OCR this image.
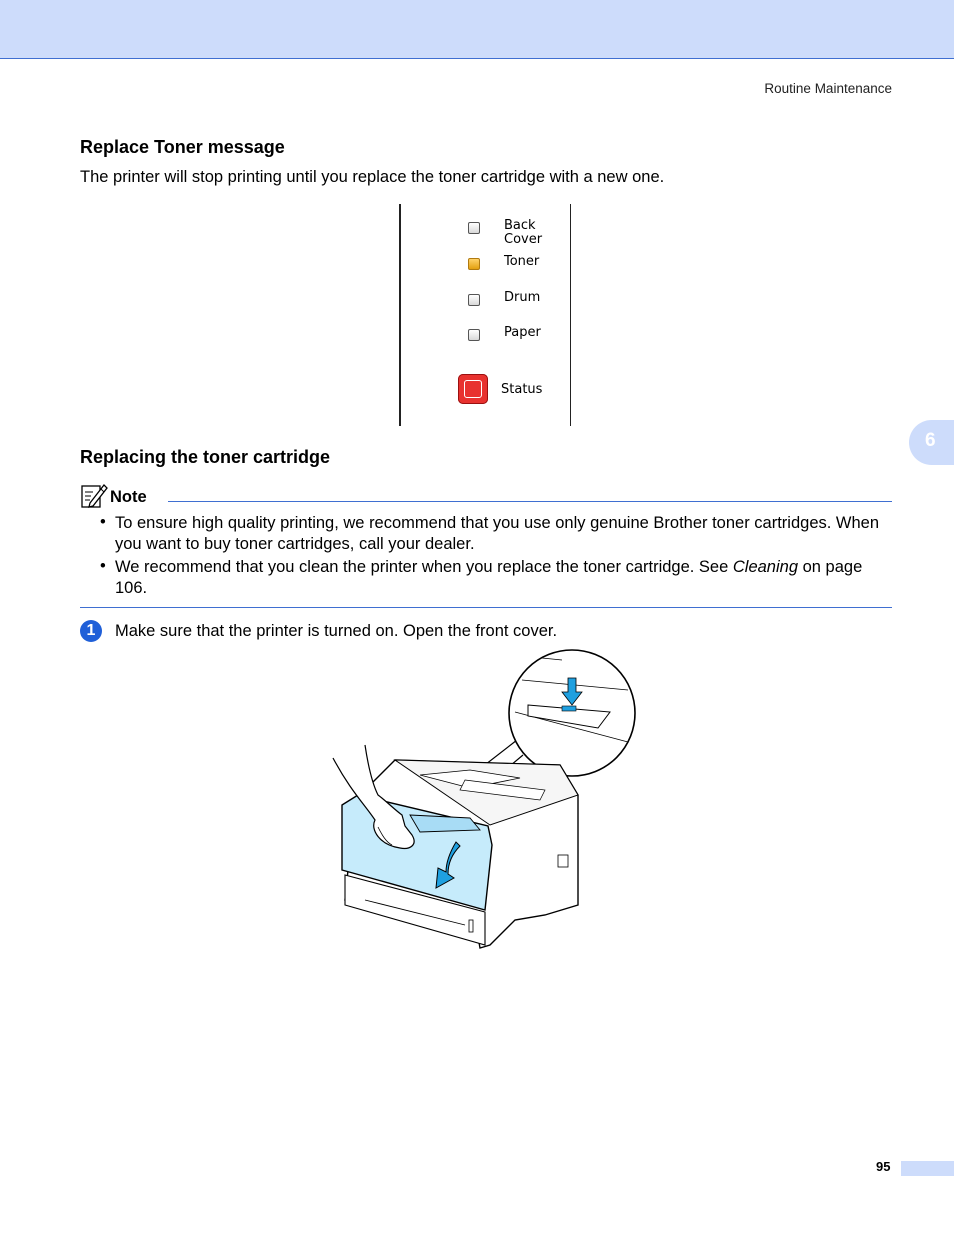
Routine Maintenance
Replace Toner message
The printer will stop printing until you replace the toner cartridge with a new one.
Back
Cover
Toner
Drum
Paper
Status
6
Replacing the toner cartridge
Note
• To ensure high quality printing, we recommend that you use only genuine Brother toner cartridges. When you want to buy toner cartridges, call your dealer.
• We recommend that you clean the printer when you replace the toner cartridge. See Cleaning on page 106.
1	Make sure that the printer is turned on. Open the front cover.
95
